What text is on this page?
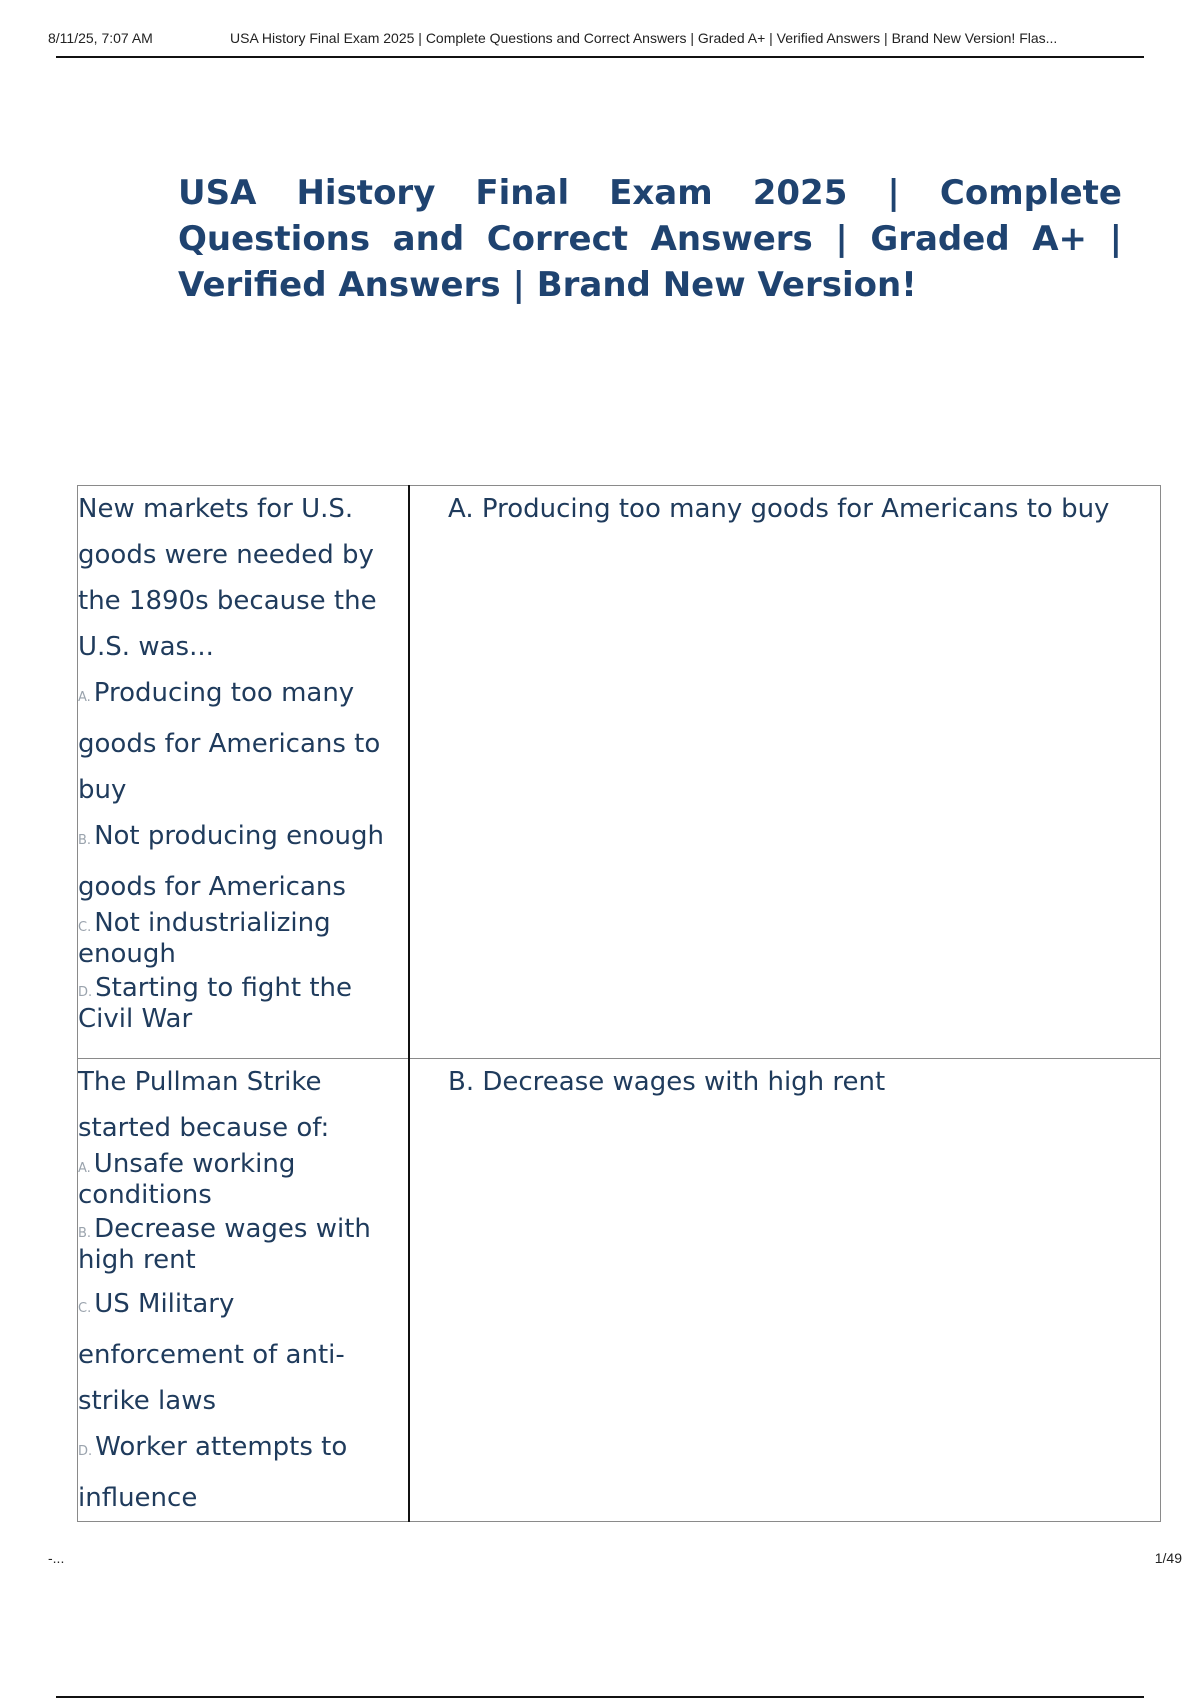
8/11/25, 7:07 AM	USA History Final Exam 2025 | Complete Questions and Correct Answers | Graded A+ | Verified Answers | Brand New Version! Flas...
USA History Final Exam 2025 | Complete Questions and Correct Answers | Graded A+ | Verified Answers | Brand New Version!
New markets for U.S. goods were needed by the 1890s because the U.S. was...
A. Producing too many goods for Americans to buy
B. Not producing enough goods for Americans
C. Not industrializing enough
D. Starting to fight the Civil War	A. Producing too many goods for Americans to buy

The Pullman Strike started because of:
A. Unsafe working conditions
B. Decrease wages with high rent
C. US Military enforcement of anti-strike laws
D. Worker attempts to influence	B. Decrease wages with high rent
-...	1/49
